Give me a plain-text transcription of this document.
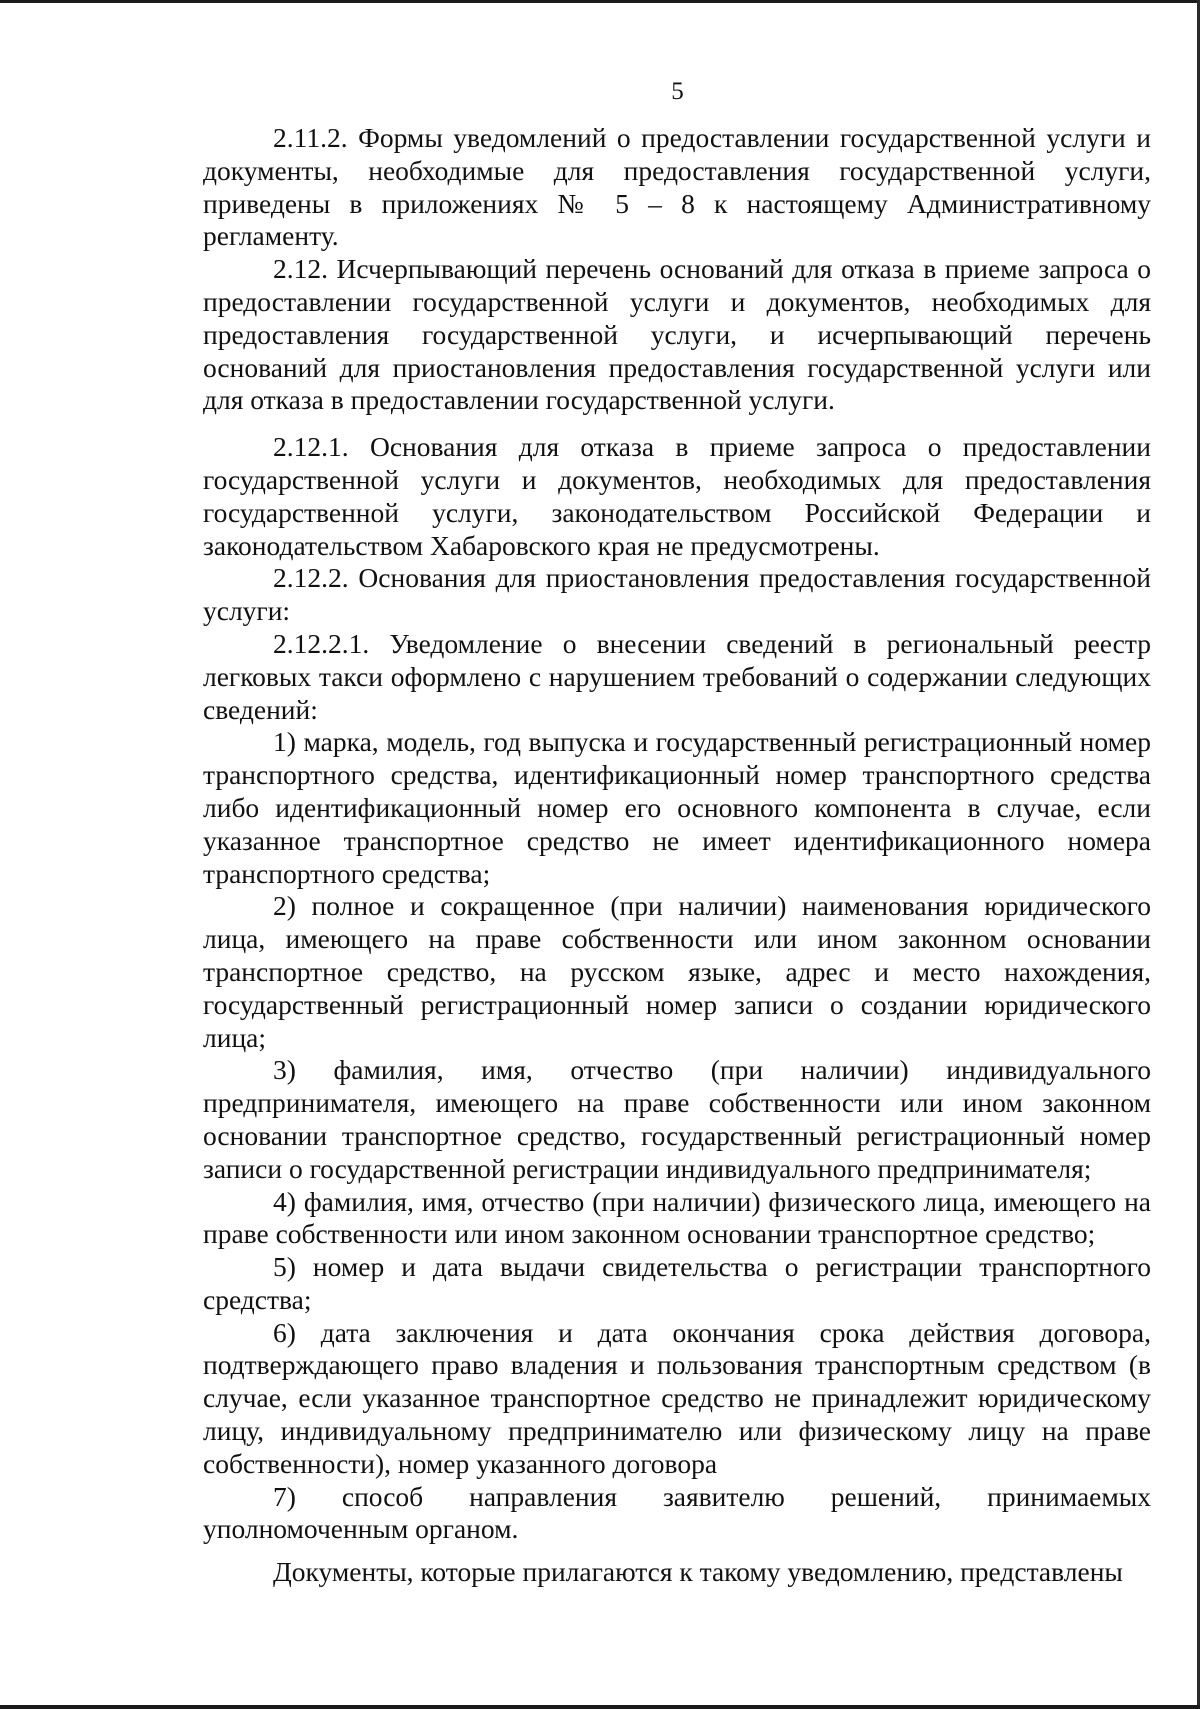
5

2.11.2. Формы уведомлений о предоставлении государственной услуги и документы, необходимые для предоставления государственной услуги, приведены в приложениях № 5 – 8 к настоящему Административному регламенту.

2.12. Исчерпывающий перечень оснований для отказа в приеме запроса о предоставлении государственной услуги и документов, необходимых для предоставления государственной услуги, и исчерпывающий перечень оснований для приостановления предоставления государственной услуги или для отказа в предоставлении государственной услуги.

2.12.1. Основания для отказа в приеме запроса о предоставлении государственной услуги и документов, необходимых для предоставления государственной услуги, законодательством Российской Федерации и законодательством Хабаровского края не предусмотрены.

2.12.2. Основания для приостановления предоставления государственной услуги:

2.12.2.1. Уведомление о внесении сведений в региональный реестр легковых такси оформлено с нарушением требований о содержании следующих сведений:

1) марка, модель, год выпуска и государственный регистрационный номер транспортного средства, идентификационный номер транспортного средства либо идентификационный номер его основного компонента в случае, если указанное транспортное средство не имеет идентификационного номера транспортного средства;

2) полное и сокращенное (при наличии) наименования юридического лица, имеющего на праве собственности или ином законном основании транспортное средство, на русском языке, адрес и место нахождения, государственный регистрационный номер записи о создании юридического лица;

3) фамилия, имя, отчество (при наличии) индивидуального предпринимателя, имеющего на праве собственности или ином законном основании транспортное средство, государственный регистрационный номер записи о государственной регистрации индивидуального предпринимателя;

4) фамилия, имя, отчество (при наличии) физического лица, имеющего на праве собственности или ином законном основании транспортное средство;

5) номер и дата выдачи свидетельства о регистрации транспортного средства;

6) дата заключения и дата окончания срока действия договора, подтверждающего право владения и пользования транспортным средством (в случае, если указанное транспортное средство не принадлежит юридическому лицу, индивидуальному предпринимателю или физическому лицу на праве собственности), номер указанного договора

7) способ направления заявителю решений, принимаемых уполномоченным органом.

Документы, которые прилагаются к такому уведомлению, представлены
